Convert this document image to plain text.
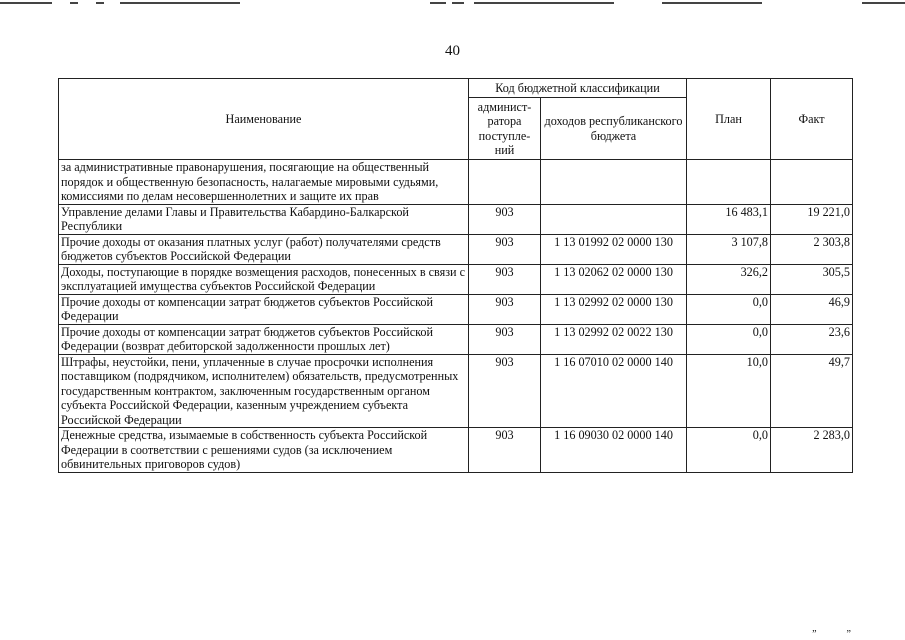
40
Наименование	Код бюджетной классификации		План	Факт
	админист-ратора поступле-ний	доходов республиканского бюджета		
за административные правонарушения, посягающие на общественный порядок и общественную безопасность, налагаемые мировыми судьями, комиссиями по делам несовершеннолетних и защите их прав				
Управление делами Главы и Правительства Кабардино-Балкарской Республики	903		16 483,1	19 221,0
Прочие доходы от оказания платных услуг (работ) получателями средств бюджетов субъектов Российской Федерации	903	1 13 01992 02 0000 130	3 107,8	2 303,8
Доходы, поступающие в порядке возмещения расходов, понесенных в связи с эксплуатацией имущества субъектов Российской Федерации	903	1 13 02062 02 0000 130	326,2	305,5
Прочие доходы от компенсации затрат бюджетов субъектов Российской Федерации	903	1 13 02992 02 0000 130	0,0	46,9
Прочие доходы от компенсации затрат бюджетов субъектов Российской Федерации (возврат дебиторской задолженности прошлых лет)	903	1 13 02992 02 0022 130	0,0	23,6
Штрафы, неустойки, пени, уплаченные в случае просрочки исполнения поставщиком (подрядчиком, исполнителем) обязательств, предусмотренных государственным контрактом, заключенным государственным органом субъекта Российской Федерации, казенным учреждением субъекта Российской Федерации	903	1 16 07010 02 0000 140	10,0	49,7
Денежные средства, изымаемые в собственность субъекта Российской Федерации в соответствии с решениями судов (за исключением обвинительных приговоров судов)	903	1 16 09030 02 0000 140	0,0	2 283,0
„„
